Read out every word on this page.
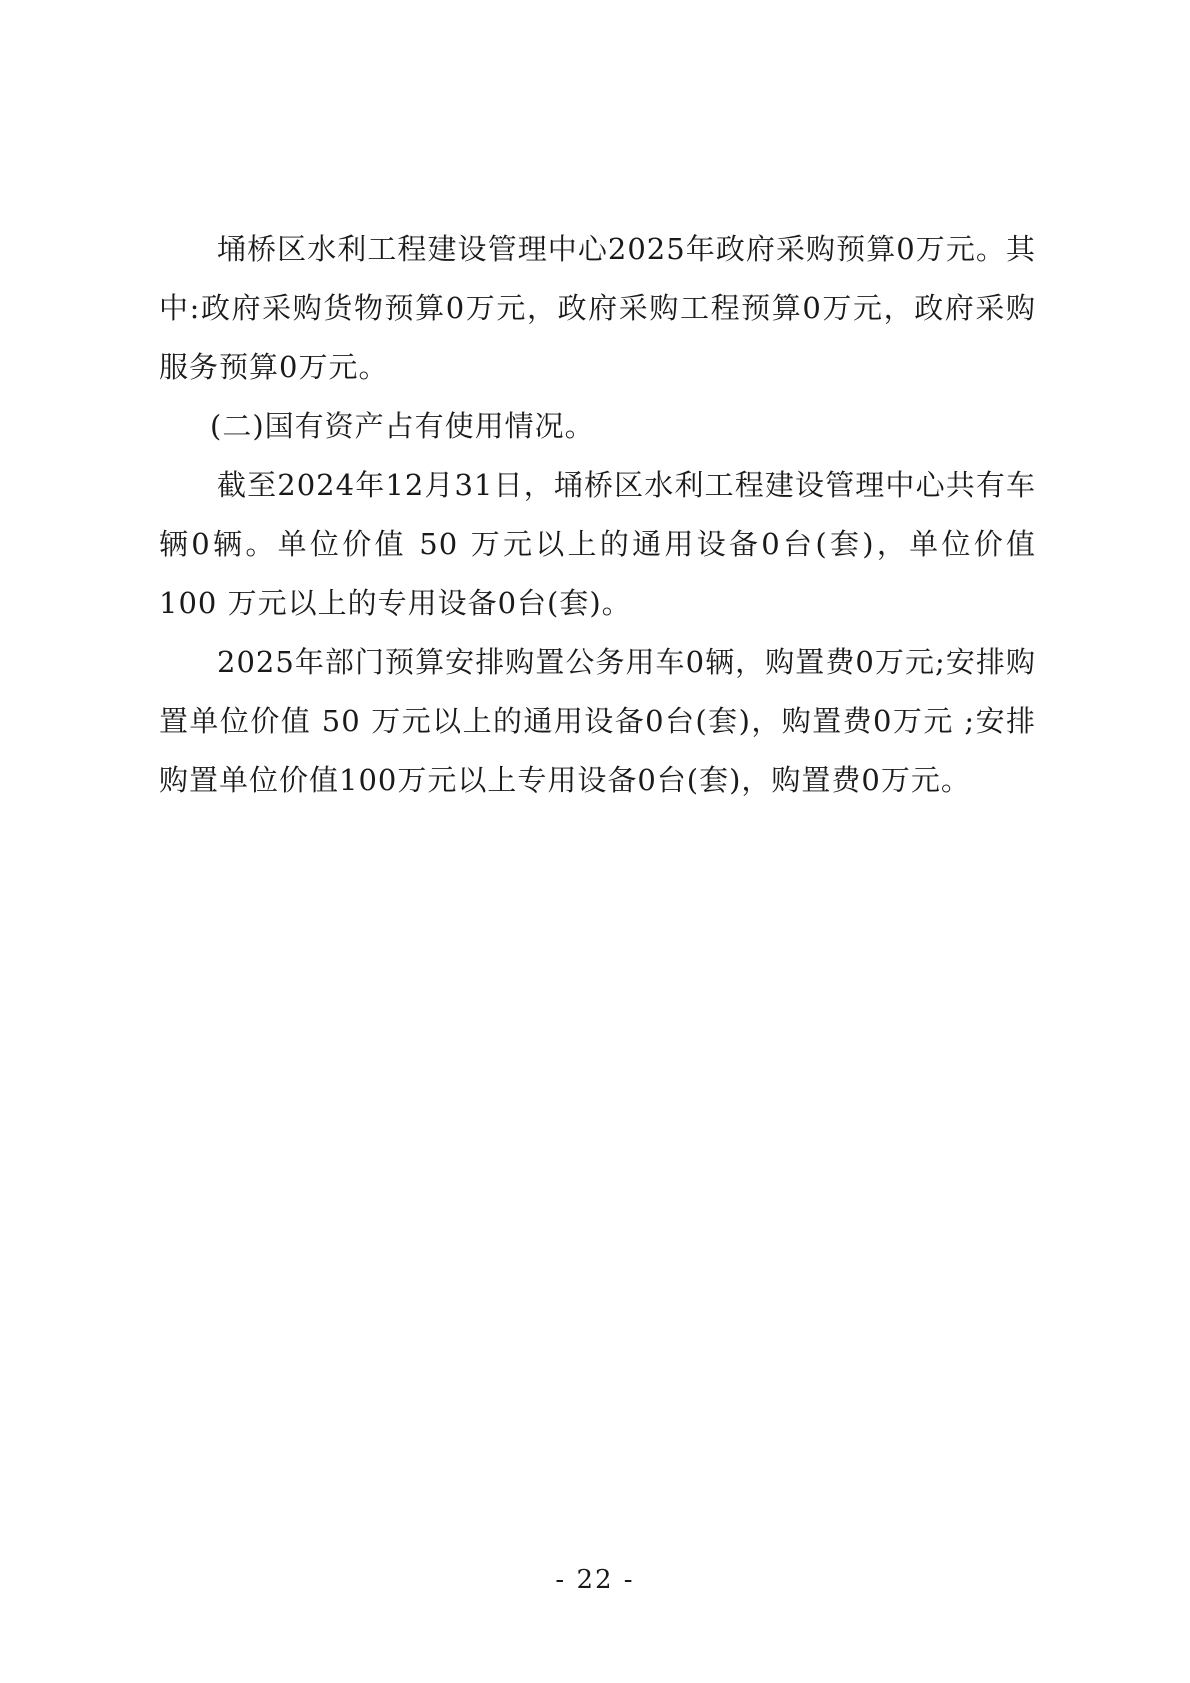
埇桥区水利工程建设管理中心2025年政府采购预算0万元。其中:政府采购货物预算0万元，政府采购工程预算0万元，政府采购服务预算0万元。

(二)国有资产占有使用情况。

截至2024年12月31日，埇桥区水利工程建设管理中心共有车辆0辆。单位价值 50 万元以上的通用设备0台(套)，单位价值 100 万元以上的专用设备0台(套)。

2025年部门预算安排购置公务用车0辆，购置费0万元;安排购置单位价值 50 万元以上的通用设备0台(套)，购置费0万元 ;安排购置单位价值100万元以上专用设备0台(套)，购置费0万元。

- 22 -
